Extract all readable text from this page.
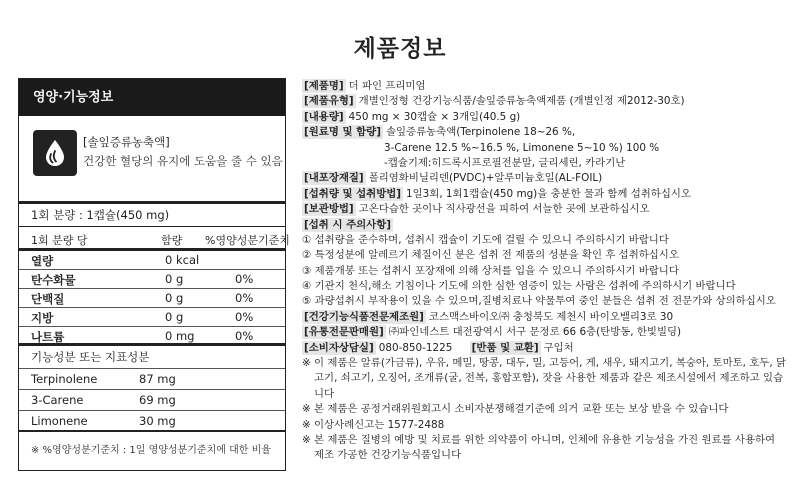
제품정보
영양·기능정보
[솔잎증류농축액]
건강한 혈당의 유지에 도움을 줄 수 있음
1회 분량 : 1캡슐(450 mg)
1회 분량 당	함량 %영양성분기준치
열량	0 kcal
탄수화물	0 g	0%
단백질	0 g	0%
지방	0 g	0%
나트륨	0 mg	0%
기능성분 또는 지표성분
Terpinolene	87 mg
3-Carene	69 mg
Limonene	30 mg
※ %영양성분기준치 : 1일 영양성분기준치에 대한 비율
[제품명] 더 파인 프리미엄
[제품유형] 개별인정형 건강기능식품/솔잎증류농축액제품 (개별인정 제2012-30호)
[내용량] 450 mg × 30캡슐 × 3개입(40.5 g)
[원료명 및 함량] 솔잎증류농축액(Terpinolene 18~26 %,
3-Carene 12.5 %~16.5 %, Limonene 5~10 %) 100 %
-캡슐기제:히드록시프로필전분말, 글리세린, 카라기난
[내포장재질] 폴리염화비닐리덴(PVDC)+알루미늄호일(AL-FOIL)
[섭취량 및 섭취방법] 1일3회, 1회1캡슐(450 mg)을 충분한 물과 함께 섭취하십시오
[보관방법] 고온다습한 곳이나 직사광선을 피하여 서늘한 곳에 보관하십시오
[섭취 시 주의사항]
① 섭취량을 준수하며, 섭취시 캡슐이 기도에 걸릴 수 있으니 주의하시기 바랍니다
② 특정성분에 알레르기 체질이신 분은 섭취 전 제품의 성분을 확인 후 섭취하십시오
③ 제품개봉 또는 섭취시 포장재에 의해 상처를 입을 수 있으니 주의하시기 바랍니다
④ 기관지 천식,해소 기침이나 기도에 의한 심한 염증이 있는 사람은 섭취에 주의하시기 바랍니다
⑤ 과량섭취시 부작용이 있을 수 있으며,질병치료나 약물투여 중인 분들은 섭취 전 전문가와 상의하십시오
[건강기능식품전문제조원] 코스맥스바이오㈜ 충청북도 제천시 바이오밸리3로 30
[유통전문판매원] ㈜파인네스트 대전광역시 서구 문정로 66 6층(탄방동, 한빛빌딩)
[소비자상담실] 080-850-1225 [반품 및 교환] 구입처
※ 이 제품은 알류(가금류), 우유, 메밀, 땅콩, 대두, 밀, 고등어, 게, 새우, 돼지고기, 복숭아, 토마토, 호두, 닭고기, 쇠고기, 오징어, 조개류(굴, 전복, 홍합포함), 잣을 사용한 제품과 같은 제조시설에서 제조하고 있습니다
※ 본 제품은 공정거래위원회고시 소비자분쟁해결기준에 의거 교환 또는 보상 받을 수 있습니다
※ 이상사례신고는 1577-2488
※ 본 제품은 질병의 예방 및 치료를 위한 의약품이 아니며, 인체에 유용한 기능성을 가진 원료를 사용하여 제조 가공한 건강기능식품입니다
